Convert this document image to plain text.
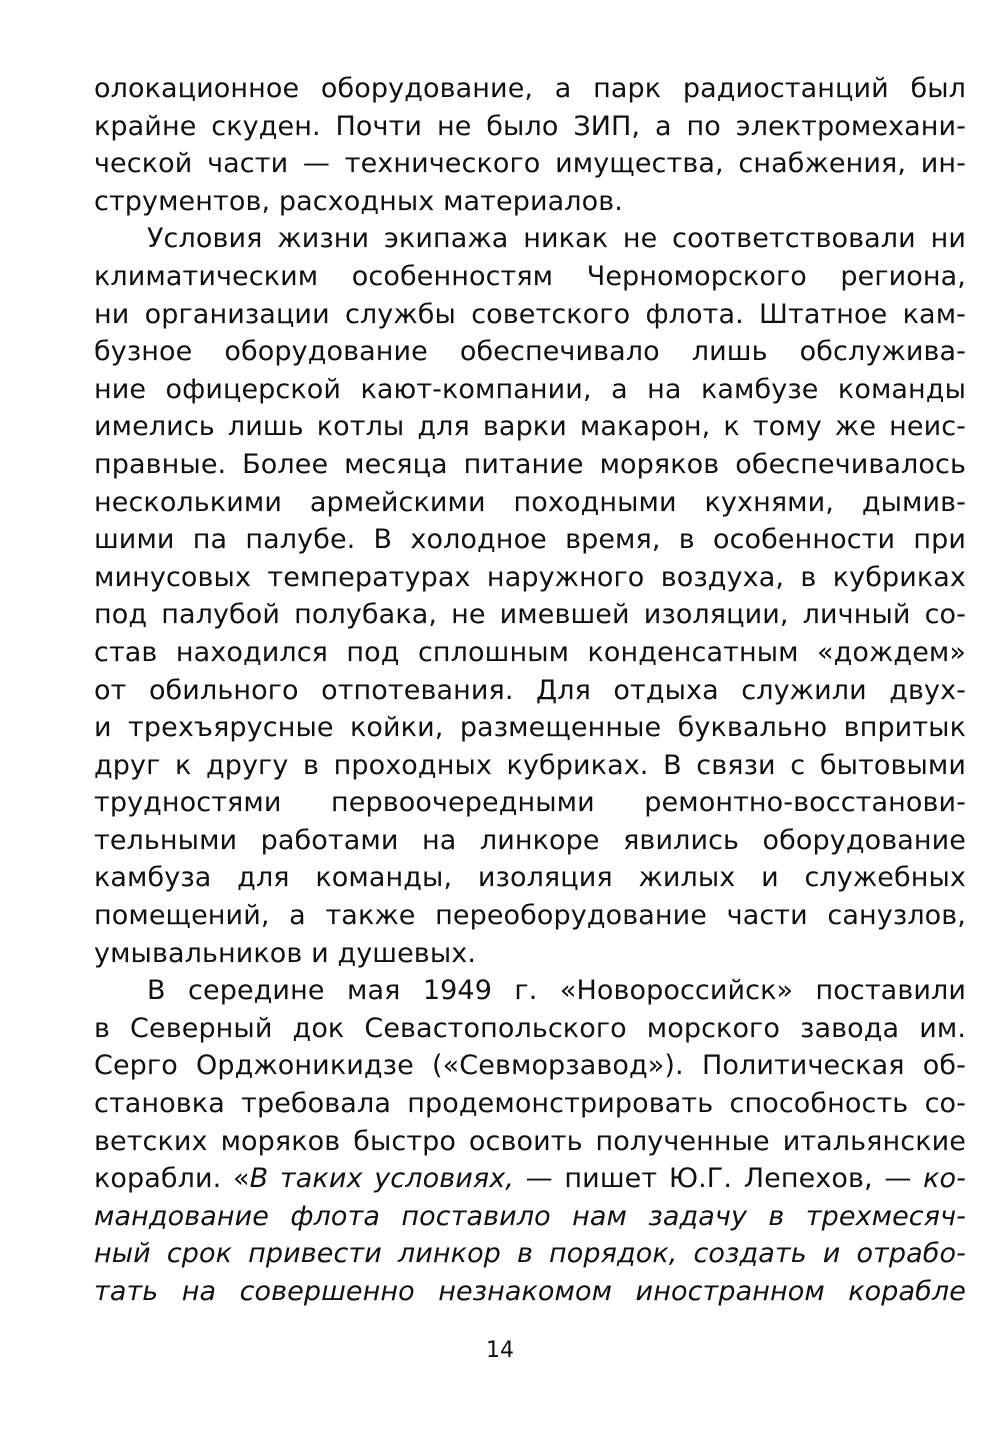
олокационное оборудование, а парк радиостанций был
крайне скуден. Почти не было ЗИП, а по электромехани-
ческой части — технического имущества, снабжения, ин-
струментов, расходных материалов.
Условия жизни экипажа никак не соответствовали ни
климатическим особенностям Черноморского региона,
ни организации службы советского флота. Штатное кам-
бузное оборудование обеспечивало лишь обслужива-
ние офицерской кают-компании, а на камбузе команды
имелись лишь котлы для варки макарон, к тому же неис-
правные. Более месяца питание моряков обеспечивалось
несколькими армейскими походными кухнями, дымив-
шими па палубе. В холодное время, в особенности при
минусовых температурах наружного воздуха, в кубриках
под палубой полубака, не имевшей изоляции, личный со-
став находился под сплошным конденсатным «дождем»
от обильного отпотевания. Для отдыха служили двух-
и трехъярусные койки, размещенные буквально впритык
друг к другу в проходных кубриках. В связи с бытовыми
трудностями первоочередными ремонтно-восстанови-
тельными работами на линкоре явились оборудование
камбуза для команды, изоляция жилых и служебных
помещений, а также переоборудование части санузлов,
умывальников и душевых.
В середине мая 1949 г. «Новороссийск» поставили
в Северный док Севастопольского морского завода им.
Серго Орджоникидзе («Севморзавод»). Политическая об-
становка требовала продемонстрировать способность со-
ветских моряков быстро освоить полученные итальянские
корабли. «В таких условиях, — пишет Ю.Г. Лепехов, — ко-
мандование флота поставило нам задачу в трехмесяч-
ный срок привести линкор в порядок, создать и отрабо-
тать на совершенно незнакомом иностранном корабле
14
